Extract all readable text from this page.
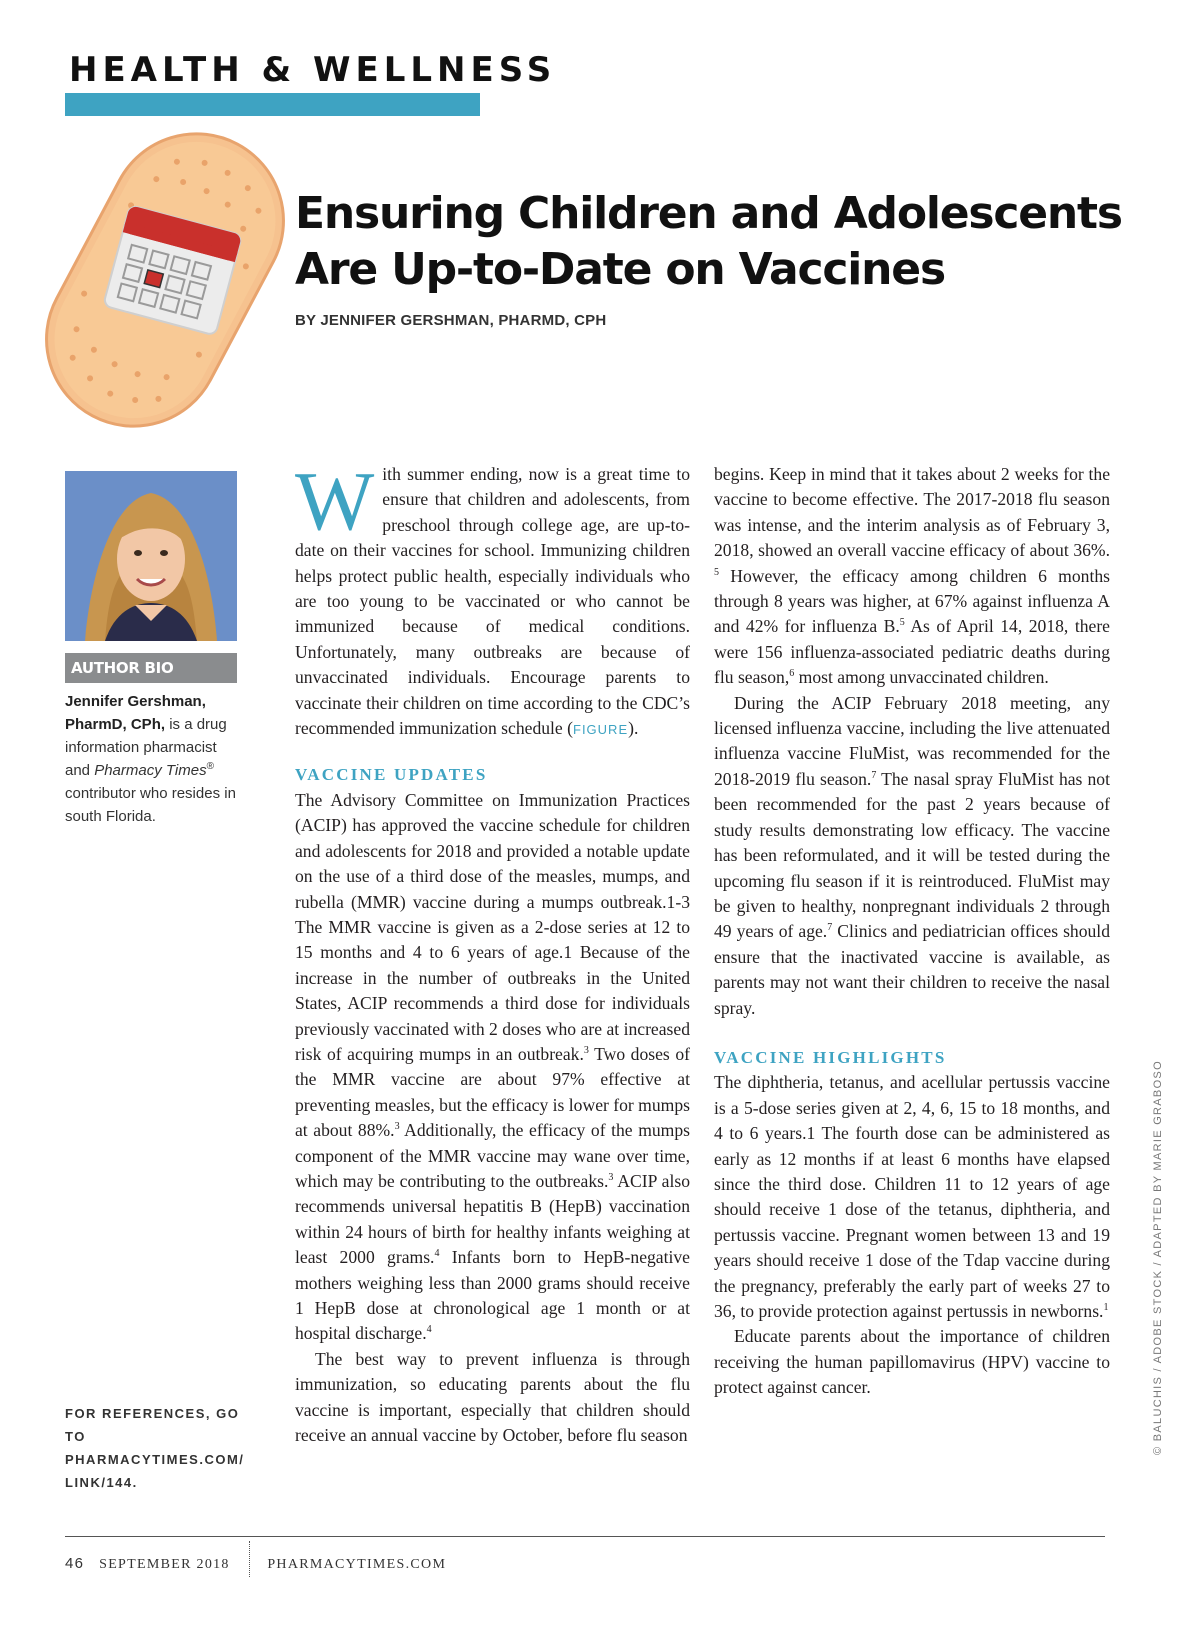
HEALTH & WELLNESS
Ensuring Children and Adolescents
Are Up-to-Date on Vaccines
BY JENNIFER GERSHMAN, PHARMD, CPH
AUTHOR BIO

Jennifer Gershman, PharmD, CPh, is a drug information pharmacist and Pharmacy Times® contributor who resides in south Florida.

FOR REFERENCES, GO TO
PHARMACYTIMES.COM/
LINK/144.

With summer ending, now is a great time to ensure that children and adolescents, from preschool through college age, are up-to-date on their vaccines for school. Immunizing children helps protect public health, especially individuals who are too young to be vaccinated or who cannot be immunized because of medical conditions. Unfortunately, many outbreaks are because of unvaccinated individuals. Encourage parents to vaccinate their children on time according to the CDC’s recommended immunization schedule (FIGURE).

VACCINE UPDATES

The Advisory Committee on Immunization Practices (ACIP) has approved the vaccine schedule for children and adolescents for 2018 and provided a notable update on the use of a third dose of the measles, mumps, and rubella (MMR) vaccine during a mumps outbreak.1-3 The MMR vaccine is given as a 2-dose series at 12 to 15 months and 4 to 6 years of age.1 Because of the increase in the number of outbreaks in the United States, ACIP recommends a third dose for individuals previously vaccinated with 2 doses who are at increased risk of acquiring mumps in an outbreak.$^3$ Two doses of the MMR vaccine are about 97% effective at preventing measles, but the efficacy is lower for mumps at about 88%.$^3$ Additionally, the efficacy of the mumps component of the MMR vaccine may wane over time, which may be contributing to the outbreaks.$^3$ ACIP also recommends universal hepatitis B (HepB) vaccination within 24 hours of birth for healthy infants weighing at least 2000 grams.$^4$ Infants born to HepB-negative mothers weighing less than 2000 grams should receive 1 HepB dose at chronological age 1 month or at hospital discharge.$^4$

The best way to prevent influenza is through immunization, so educating parents about the flu vaccine is important, especially that children should receive an annual vaccine by October, before flu season

begins. Keep in mind that it takes about 2 weeks for the vaccine to become effective. The 2017-2018 flu season was intense, and the interim analysis as of February 3, 2018, showed an overall vaccine efficacy of about 36%. $^5$ However, the efficacy among children 6 months through 8 years was higher, at 67% against influenza A and 42% for influenza B.$^5$ As of April 14, 2018, there were 156 influenza-associated pediatric deaths during flu season,$^6$ most among unvaccinated children.

During the ACIP February 2018 meeting, any licensed influenza vaccine, including the live attenuated influenza vaccine FluMist, was recommended for the 2018-2019 flu season.$^7$ The nasal spray FluMist has not been recommended for the past 2 years because of study results demonstrating low efficacy. The vaccine has been reformulated, and it will be tested during the upcoming flu season if it is reintroduced. FluMist may be given to healthy, nonpregnant individuals 2 through 49 years of age.$^7$ Clinics and pediatrician offices should ensure that the inactivated vaccine is available, as parents may not want their children to receive the nasal spray.

VACCINE HIGHLIGHTS

The diphtheria, tetanus, and acellular pertussis vaccine is a 5-dose series given at 2, 4, 6, 15 to 18 months, and 4 to 6 years.1 The fourth dose can be administered as early as 12 months if at least 6 months have elapsed since the third dose. Children 11 to 12 years of age should receive 1 dose of the tetanus, diphtheria, and pertussis vaccine. Pregnant women between 13 and 19 years should receive 1 dose of the Tdap vaccine during the pregnancy, preferably the early part of weeks 27 to 36, to provide protection against pertussis in newborns.$^1$

Educate parents about the importance of children receiving the human papillomavirus (HPV) vaccine to protect against cancer.	© BALUCHIS / ADOBE STOCK / ADAPTED BY MARIE GRABOSO
46 SEPTEMBER 2018	PHARMACYTIMES.COM
